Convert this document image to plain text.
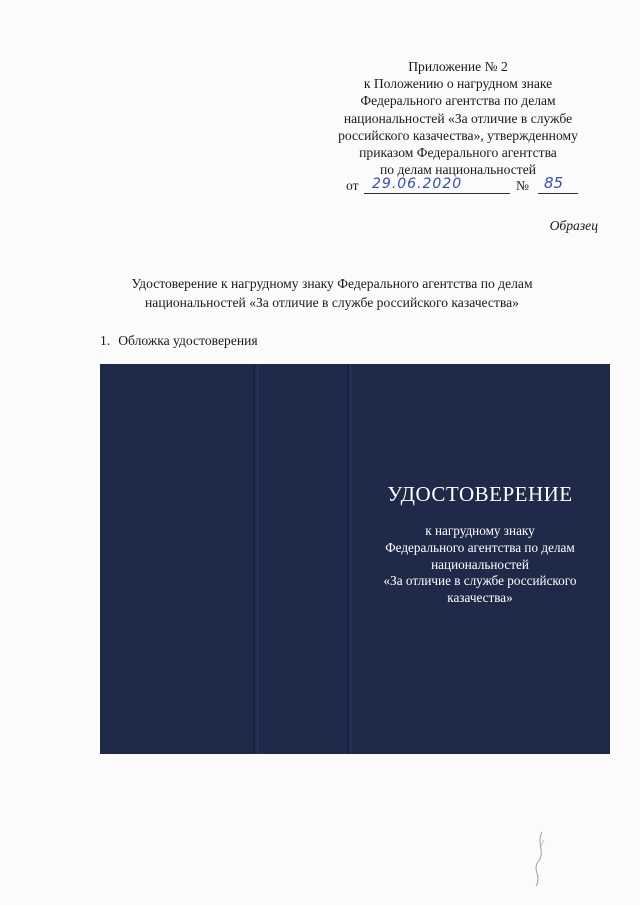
Приложение № 2
к Положению о нагрудном знаке
Федерального агентства по делам
национальностей «За отличие в службе
российского казачества», утвержденному
приказом Федерального агентства
по делам национальностей
от 29.06.2020	№ 85
Образец
Удостоверение к нагрудному знаку Федерального агентства по делам
национальностей «За отличие в службе российского казачества»
1. Обложка удостоверения
УДОСТОВЕРЕНИЕ
к нагрудному знаку
Федерального агентства по делам
национальностей
«За отличие в службе российского
казачества»
